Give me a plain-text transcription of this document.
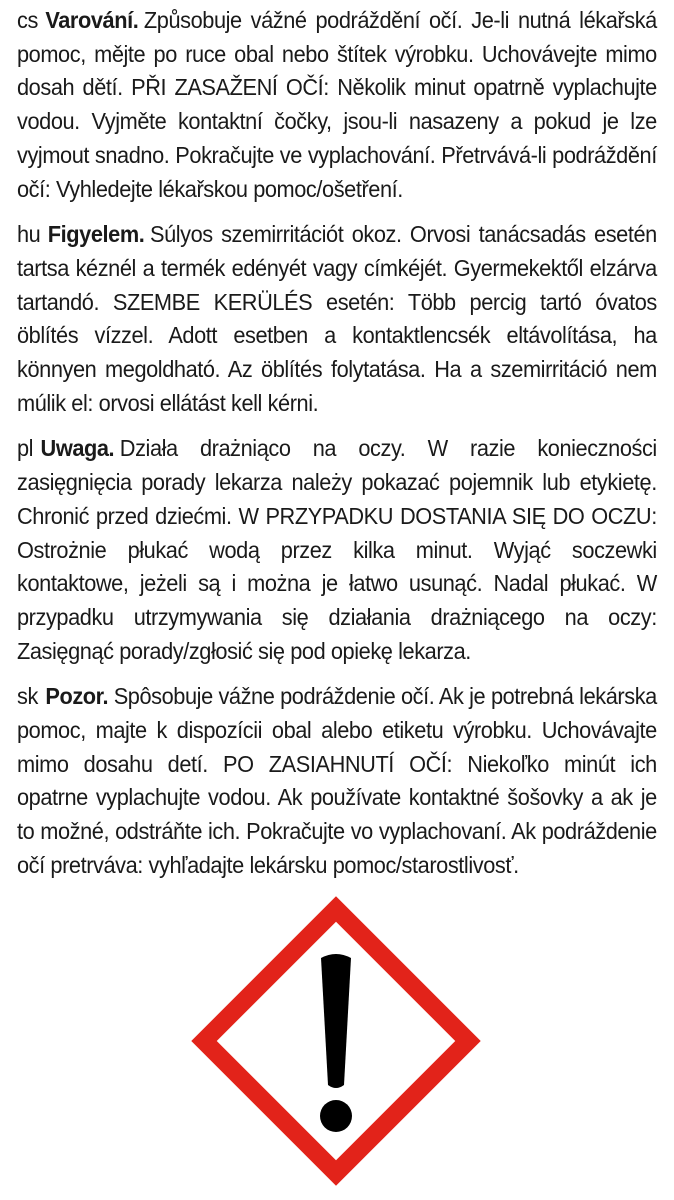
cs Varování. Způsobuje vážné podráždění očí. Je-li nutná lékařská pomoc, mějte po ruce obal nebo štítek výrobku. Uchovávejte mimo dosah dětí. PŘI ZASAŽENÍ OČÍ: Několik minut opatrně vyplachujte vodou. Vyjměte kontaktní čočky, jsou-li nasazeny a pokud je lze vyjmout snadno. Pokračujte ve vyplachování. Přetrvává-li podráždění očí: Vyhledejte lékařskou pomoc/ošetření.

hu Figyelem. Súlyos szemirritációt okoz. Orvosi tanácsadás esetén tartsa kéznél a termék edényét vagy címkéjét. Gyermekektől elzárva tartandó. SZEMBE KERÜLÉS esetén: Több percig tartó óvatos öblítés vízzel. Adott esetben a kontaktlencsék eltávolítása, ha könnyen megoldható. Az öblítés folytatása. Ha a szemirritáció nem múlik el: orvosi ellátást kell kérni.

pl Uwaga. Działa drażniąco na oczy. W razie konieczności zasięgnięcia porady lekarza należy pokazać pojemnik lub etykietę. Chronić przed dziećmi. W PRZYPADKU DOSTANIA SIĘ DO OCZU: Ostrożnie płukać wodą przez kilka minut. Wyjąć soczewki kontaktowe, jeżeli są i można je łatwo usunąć. Nadal płukać. W przypadku utrzymywania się działania drażniącego na oczy: Zasięgnąć porady/zgłosić się pod opiekę lekarza.

sk Pozor. Spôsobuje vážne podráždenie očí. Ak je potrebná lekárska pomoc, majte k dispozícii obal alebo etiketu výrobku. Uchovávajte mimo dosahu detí. PO ZASIAHNUTÍ OČÍ: Niekoľko minút ich opatrne vyplachujte vodou. Ak používate kontaktné šošovky a ak je to možné, odstráňte ich. Pokračujte vo vyplachovaní. Ak podráždenie očí pretrváva: vyhľadajte lekársku pomoc/starostlivosť.
